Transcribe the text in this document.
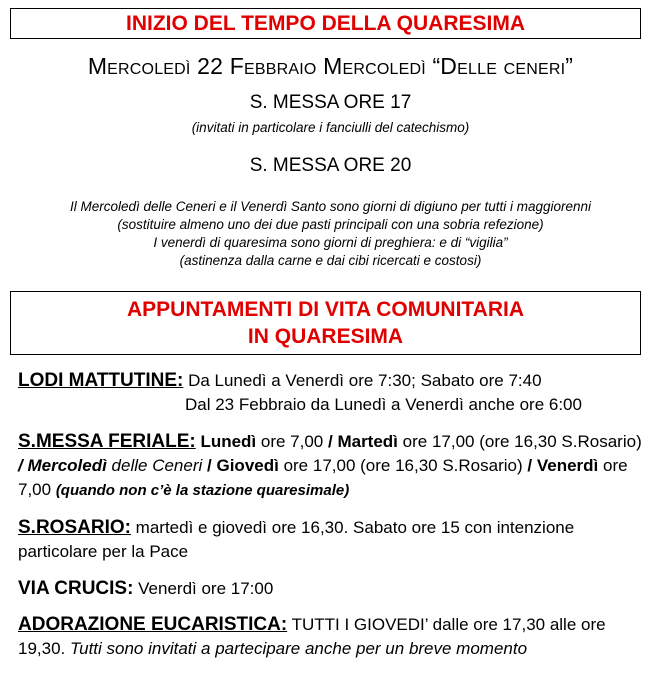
INIZIO DEL TEMPO DELLA QUARESIMA
Mercoledì 22 Febbraio Mercoledì “Delle ceneri”
S. MESSA ORE 17
(invitati in particolare i fanciulli del catechismo)
S. MESSA ORE 20
Il Mercoledì delle Ceneri e il Venerdì Santo sono giorni di digiuno per tutti i maggiorenni
(sostituire almeno uno dei due pasti principali con una sobria refezione)
I venerdì di quaresima sono giorni di preghiera: e di “vigilia”
(astinenza dalla carne e dai cibi ricercati e costosi)
APPUNTAMENTI DI VITA COMUNITARIA
IN QUARESIMA
LODI MATTUTINE: Da Lunedì a Venerdì ore 7:30; Sabato ore 7:40
Dal 23 Febbraio da Lunedì a Venerdì anche ore 6:00
S.MESSA FERIALE: Lunedì ore 7,00 / Martedì ore 17,00 (ore 16,30 S.Rosario) / Mercoledì delle Ceneri / Giovedì ore 17,00 (ore 16,30 S.Rosario) / Venerdì ore 7,00 (quando non c’è la stazione quaresimale)
S.ROSARIO: martedì e giovedì ore 16,30. Sabato ore 15 con intenzione particolare per la Pace
VIA CRUCIS: Venerdì ore 17:00
ADORAZIONE EUCARISTICA: TUTTI I GIOVEDI’ dalle ore 17,30 alle ore 19,30. Tutti sono invitati a partecipare anche per un breve momento
